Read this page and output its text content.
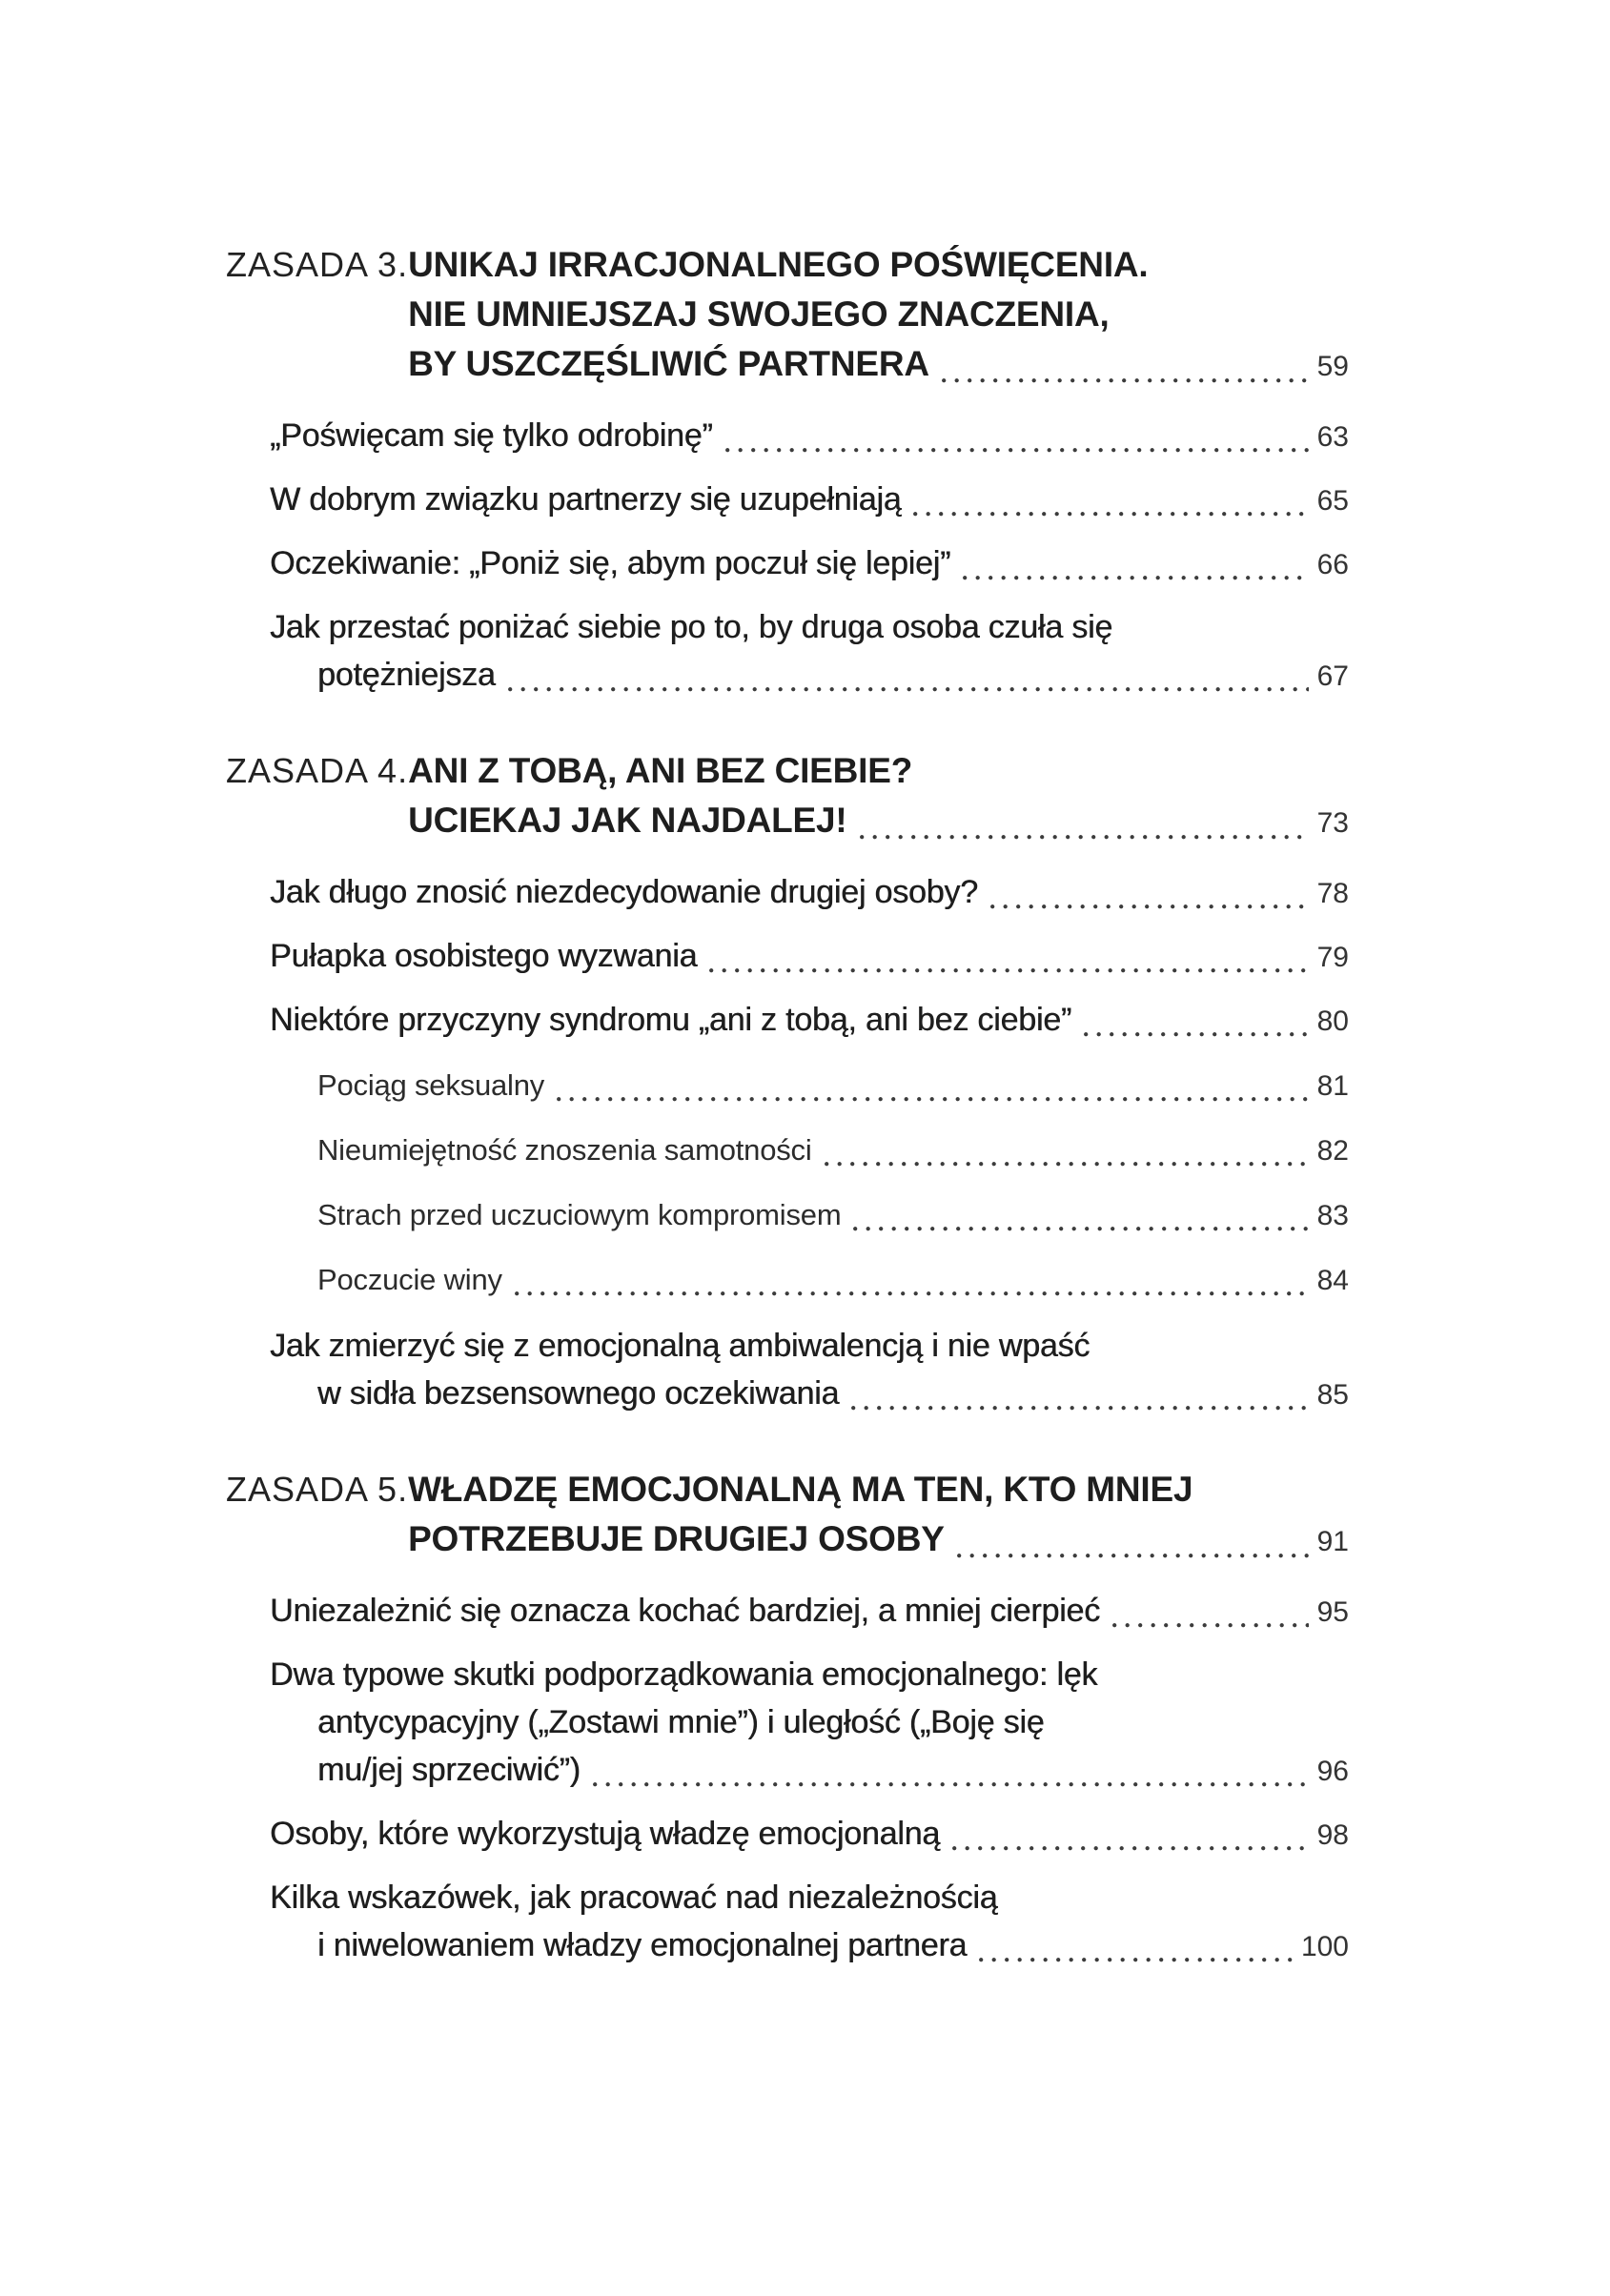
ZASADA 3. UNIKAJ IRRACJONALNEGO POŚWIĘCENIA.
NIE UMNIEJSZAJ SWOJEGO ZNACZENIA,
BY USZCZĘŚLIWIĆ PARTNERA	59
„Poświęcam się tylko odrobinę”	63
W dobrym związku partnerzy się uzupełniają	65
Oczekiwanie: „Poniż się, abym poczuł się lepiej”	66
Jak przestać poniżać siebie po to, by druga osoba czuła się
potężniejsza	67
ZASADA 4. ANI Z TOBĄ, ANI BEZ CIEBIE?
UCIEKAJ JAK NAJDALEJ!	73
Jak długo znosić niezdecydowanie drugiej osoby?	78
Pułapka osobistego wyzwania	79
Niektóre przyczyny syndromu „ani z tobą, ani bez ciebie”	80
Pociąg seksualny	81
Nieumiejętność znoszenia samotności	82
Strach przed uczuciowym kompromisem	83
Poczucie winy	84
Jak zmierzyć się z emocjonalną ambiwalencją i nie wpaść
w sidła bezsensownego oczekiwania	85
ZASADA 5. WŁADZĘ EMOCJONALNĄ MA TEN, KTO MNIEJ
POTRZEBUJE DRUGIEJ OSOBY	91
Uniezależnić się oznacza kochać bardziej, a mniej cierpieć	95
Dwa typowe skutki podporządkowania emocjonalnego: lęk
antycypacyjny („Zostawi mnie”) i uległość („Boję się
mu/jej sprzeciwić”)	96
Osoby, które wykorzystują władzę emocjonalną	98
Kilka wskazówek, jak pracować nad niezależnością
i niwelowaniem władzy emocjonalnej partnera	100
